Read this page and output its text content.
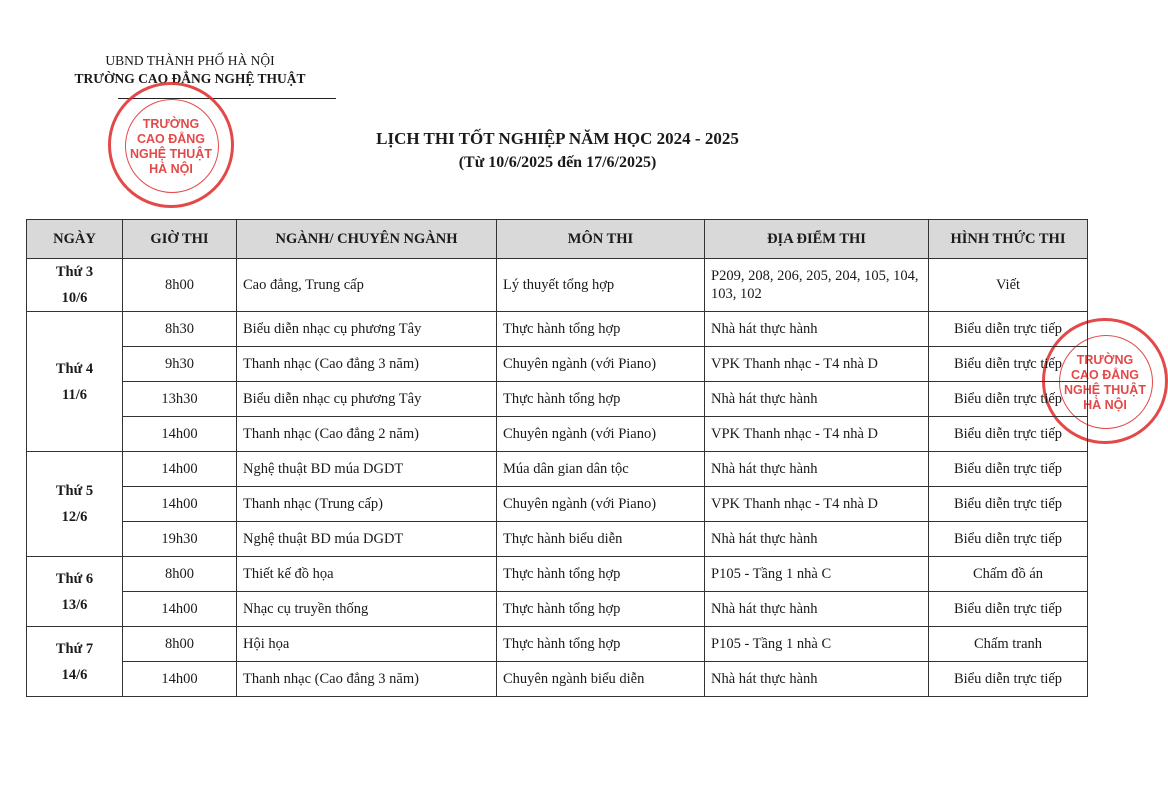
UBND THÀNH PHỐ HÀ NỘI
TRƯỜNG CAO ĐẲNG NGHỆ THUẬT
LỊCH THI TỐT NGHIỆP NĂM HỌC 2024 - 2025
(Từ 10/6/2025 đến 17/6/2025)
TRƯỜNG
CAO ĐẲNG
NGHỆ THUẬT
HÀ NỘI
TRƯỜNG
CAO ĐẲNG
NGHỆ THUẬT
HÀ NỘI
NGÀY	GIỜ THI	NGÀNH/ CHUYÊN NGÀNH	MÔN THI	ĐỊA ĐIỂM THI	HÌNH THỨC THI

Thứ 3
10/6	8h00	Cao đẳng, Trung cấp	Lý thuyết tổng hợp	P209, 208, 206, 205, 204, 105, 104, 103, 102	Viết

Thứ 4
11/6	8h30	Biểu diễn nhạc cụ phương Tây	Thực hành tổng hợp	Nhà hát thực hành	Biểu diễn trực tiếp
	9h30	Thanh nhạc (Cao đẳng 3 năm)	Chuyên ngành (với Piano)	VPK Thanh nhạc - T4 nhà D	Biểu diễn trực tiếp
	13h30	Biểu diễn nhạc cụ phương Tây	Thực hành tổng hợp	Nhà hát thực hành	Biểu diễn trực tiếp
	14h00	Thanh nhạc (Cao đẳng 2 năm)	Chuyên ngành (với Piano)	VPK Thanh nhạc - T4 nhà D	Biểu diễn trực tiếp

Thứ 5
12/6	14h00	Nghệ thuật BD múa DGDT	Múa dân gian dân tộc	Nhà hát thực hành	Biểu diễn trực tiếp
	14h00	Thanh nhạc (Trung cấp)	Chuyên ngành (với Piano)	VPK Thanh nhạc - T4 nhà D	Biểu diễn trực tiếp
	19h30	Nghệ thuật BD múa DGDT	Thực hành biểu diễn	Nhà hát thực hành	Biểu diễn trực tiếp

Thứ 6
13/6	8h00	Thiết kế đồ họa	Thực hành tổng hợp	P105 - Tầng 1 nhà C	Chấm đồ án
	14h00	Nhạc cụ truyền thống	Thực hành tổng hợp	Nhà hát thực hành	Biểu diễn trực tiếp

Thứ 7
14/6	8h00	Hội họa	Thực hành tổng hợp	P105 - Tầng 1 nhà C	Chấm tranh
	14h00	Thanh nhạc (Cao đẳng 3 năm)	Chuyên ngành biểu diễn	Nhà hát thực hành	Biểu diễn trực tiếp
